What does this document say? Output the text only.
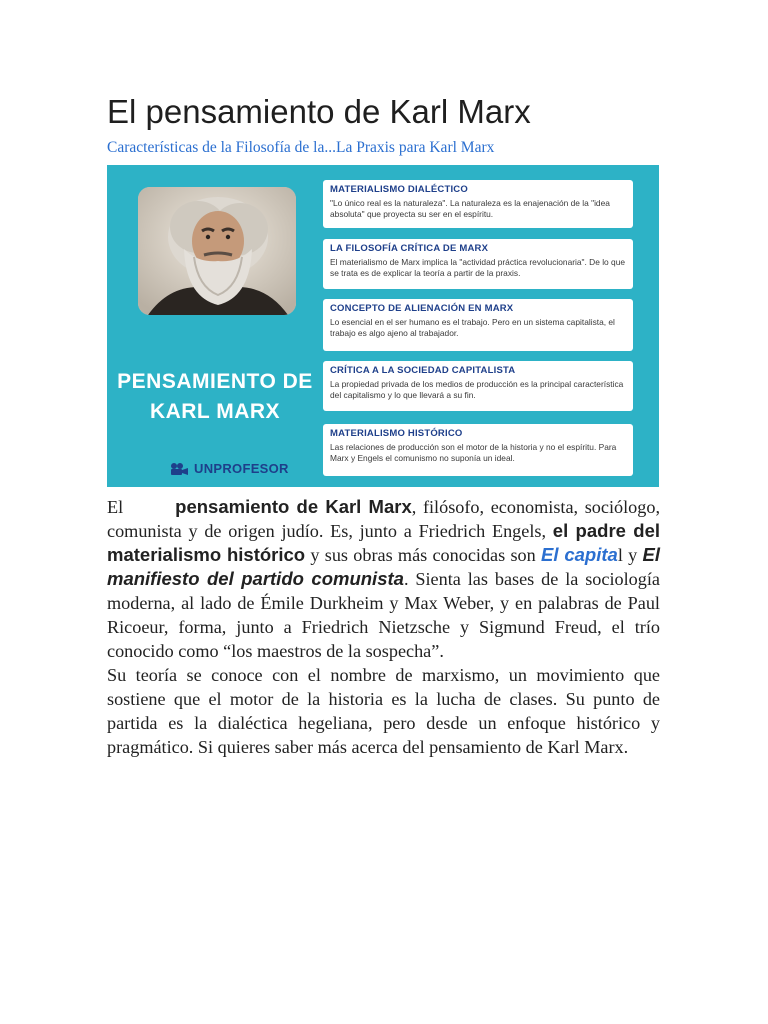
El pensamiento de Karl Marx
Características de la Filosofía de la...La Praxis para Karl Marx
PENSAMIENTO DE
KARL MARX
UNPROFESOR
MATERIALISMO DIALÉCTICO
"Lo único real es la naturaleza". La naturaleza es la enajenación de la "idea absoluta" que proyecta su ser en el espíritu.
LA FILOSOFÍA CRÍTICA DE MARX
El materialismo de Marx implica la "actividad práctica revolucionaria". De lo que se trata es de explicar la teoría a partir de la praxis.
CONCEPTO DE ALIENACIÓN EN MARX
Lo esencial en el ser humano es el trabajo. Pero en un sistema capitalista, el trabajo es algo ajeno al trabajador.
CRÍTICA A LA SOCIEDAD CAPITALISTA
La propiedad privada de los medios de producción es la principal característica del capitalismo y lo que llevará a su fin.
MATERIALISMO HISTÓRICO
Las relaciones de producción son el motor de la historia y no el espíritu. Para Marx y Engels el comunismo no suponía un ideal.

El	pensamiento de Karl Marx, filósofo, economista, sociólogo, comunista y de origen judío. Es, junto a Friedrich Engels, el padre del materialismo histórico y sus obras más conocidas son El capital y El manifiesto del partido comunista. Sienta las bases de la sociología moderna, al lado de Émile Durkheim y Max Weber, y en palabras de Paul Ricoeur, forma, junto a Friedrich Nietzsche y Sigmund Freud, el trío conocido como “los maestros de la sospecha”.

Su teoría se conoce con el nombre de marxismo, un movimiento que sostiene que el motor de la historia es la lucha de clases. Su punto de partida es la dialéctica hegeliana, pero desde un enfoque histórico y pragmático. Si quieres saber más acerca del pensamiento de Karl Marx.
